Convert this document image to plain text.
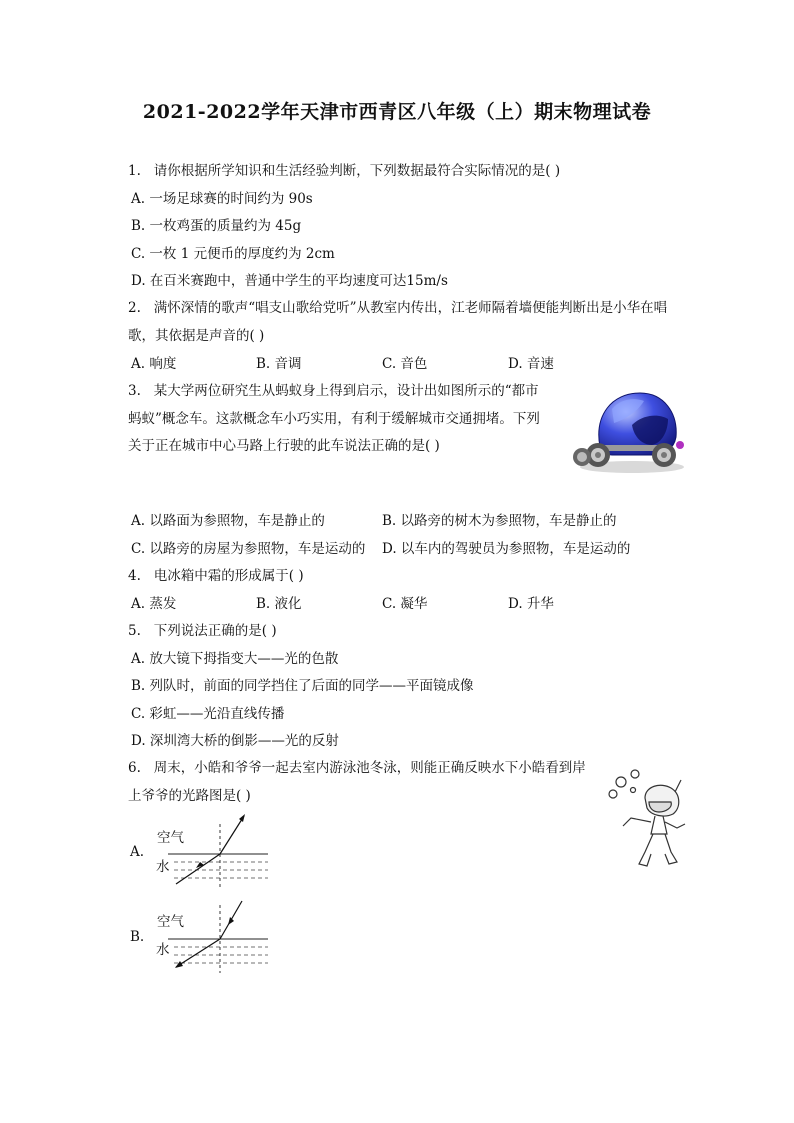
2021-2022学年天津市西青区八年级（上）期末物理试卷
1. 请你根据所学知识和生活经验判断，下列数据最符合实际情况的是( )
A. 一场足球赛的时间约为 90s
B. 一枚鸡蛋的质量约为 45g
C. 一枚 1 元便币的厚度约为 2cm
D. 在百米赛跑中，普通中学生的平均速度可达15m/s
2. 满怀深情的歌声“唱支山歌给党听”从教室内传出，江老师隔着墙便能判断出是小华在唱
歌，其依据是声音的( )
A. 响度	B. 音调	C. 音色	D. 音速
3. 某大学两位研究生从蚂蚁身上得到启示，设计出如图所示的“都市
蚂蚁”概念车。这款概念车小巧实用，有利于缓解城市交通拥堵。下列
关于正在城市中心马路上行驶的此车说法正确的是( )
A. 以路面为参照物，车是静止的	B. 以路旁的树木为参照物，车是静止的
C. 以路旁的房屋为参照物，车是运动的 D. 以车内的驾驶员为参照物，车是运动的
4. 电冰箱中霜的形成属于( )
A. 蒸发	B. 液化	C. 凝华	D. 升华
5. 下列说法正确的是( )
A. 放大镜下拇指变大——光的色散
B. 列队时，前面的同学挡住了后面的同学——平面镜成像
C. 彩虹——光沿直线传播
D. 深圳湾大桥的倒影——光的反射
6. 周末，小皓和爷爷一起去室内游泳池冬泳，则能正确反映水下小皓看到岸
上爷爷的光路图是( )
A.
空气
水
B.
空气
水
